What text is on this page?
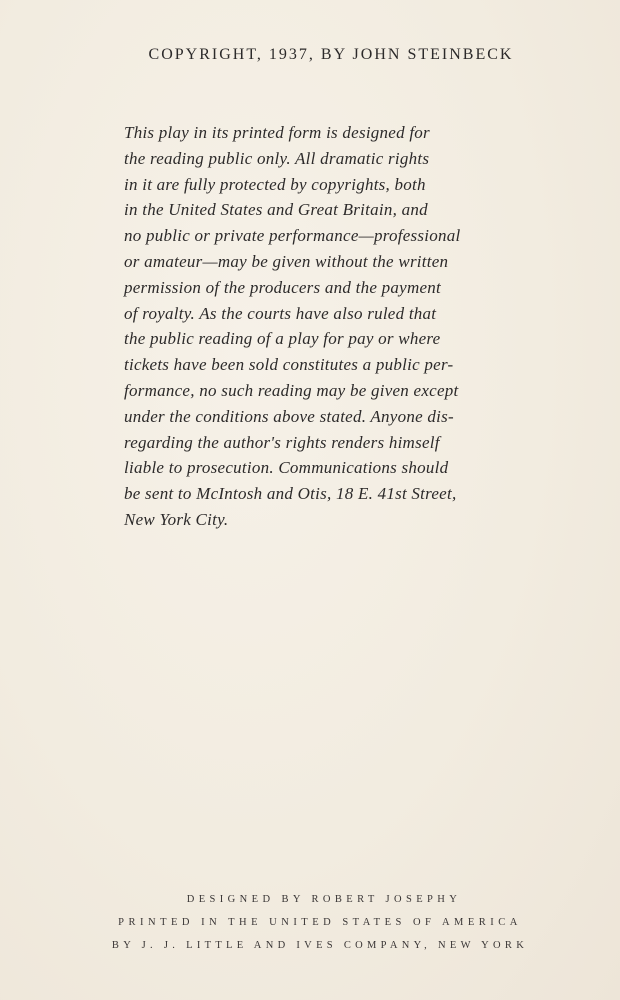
COPYRIGHT, 1937, BY JOHN STEINBECK
This play in its printed form is designed for
the reading public only. All dramatic rights
in it are fully protected by copyrights, both
in the United States and Great Britain, and
no public or private performance—professional
or amateur—may be given without the written
permission of the producers and the payment
of royalty. As the courts have also ruled that
the public reading of a play for pay or where
tickets have been sold constitutes a public per-
formance, no such reading may be given except
under the conditions above stated. Anyone dis-
regarding the author's rights renders himself
liable to prosecution. Communications should
be sent to McIntosh and Otis, 18 E. 41st Street,
New York City.
DESIGNED BY ROBERT JOSEPHY
PRINTED IN THE UNITED STATES OF AMERICA
BY J. J. LITTLE AND IVES COMPANY, NEW YORK
